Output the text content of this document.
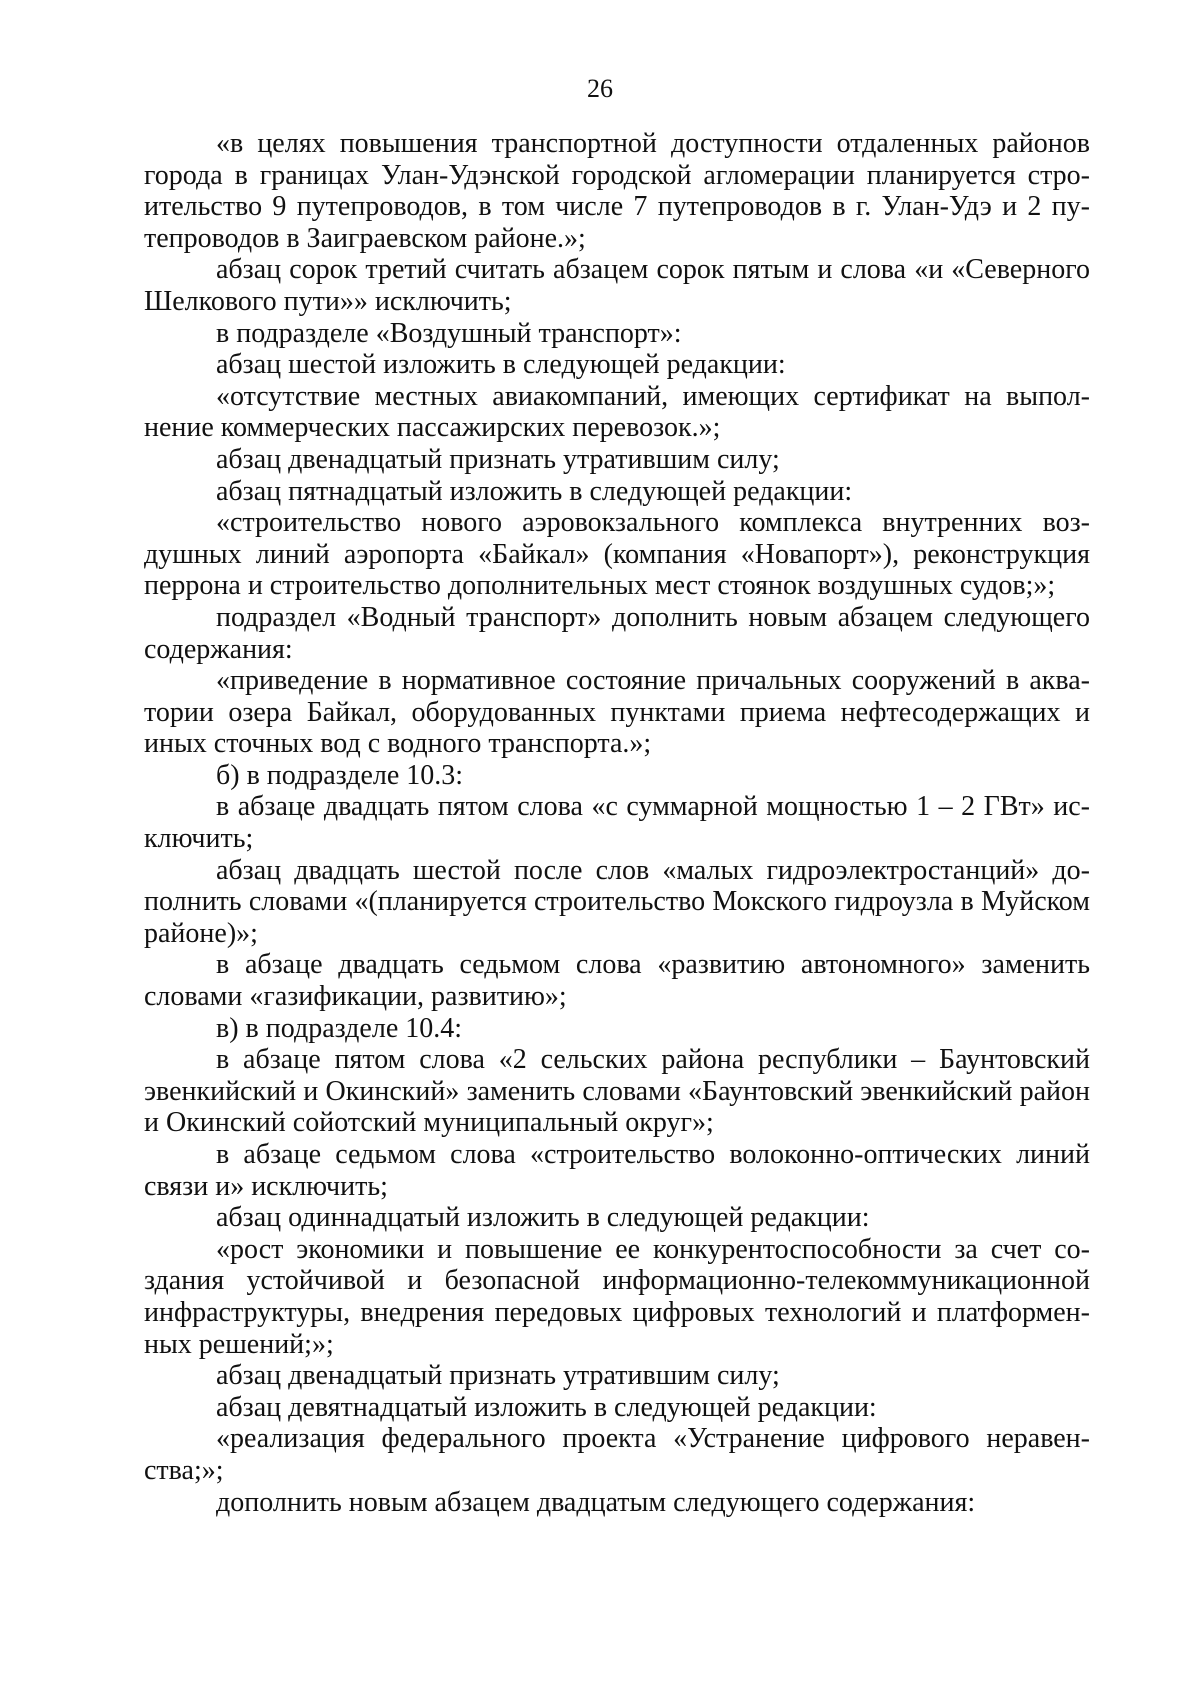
26

«в целях повышения транспортной доступности отдаленных районов города в границах Улан-Удэнской городской агломерации планируется строительство 9 путепроводов, в том числе 7 путепроводов в г. Улан-Удэ и 2 путепроводов в Заиграевском районе.»;

абзац сорок третий считать абзацем сорок пятым и слова «и «Северного Шелкового пути»» исключить;

в подразделе «Воздушный транспорт»:

абзац шестой изложить в следующей редакции:

«отсутствие местных авиакомпаний, имеющих сертификат на выполнение коммерческих пассажирских перевозок.»;

абзац двенадцатый признать утратившим силу;

абзац пятнадцатый изложить в следующей редакции:

«строительство нового аэровокзального комплекса внутренних воздушных линий аэропорта «Байкал» (компания «Новапорт»), реконструкция перрона и строительство дополнительных мест стоянок воздушных судов;»;

подраздел «Водный транспорт» дополнить новым абзацем следующего содержания:

«приведение в нормативное состояние причальных сооружений в акватории озера Байкал, оборудованных пунктами приема нефтесодержащих и иных сточных вод с водного транспорта.»;

б) в подразделе 10.3:

в абзаце двадцать пятом слова «с суммарной мощностью 1 – 2 ГВт» исключить;

абзац двадцать шестой после слов «малых гидроэлектростанций» дополнить словами «(планируется строительство Мокского гидроузла в Муйском районе)»;

в абзаце двадцать седьмом слова «развитию автономного» заменить словами «газификации, развитию»;

в) в подразделе 10.4:

в абзаце пятом слова «2 сельских района республики – Баунтовский эвенкийский и Окинский» заменить словами «Баунтовский эвенкийский район и Окинский сойотский муниципальный округ»;

в абзаце седьмом слова «строительство волоконно-оптических линий связи и» исключить;

абзац одиннадцатый изложить в следующей редакции:

«рост экономики и повышение ее конкурентоспособности за счет создания устойчивой и безопасной информационно-телекоммуникационной инфраструктуры, внедрения передовых цифровых технологий и платформенных решений;»;

абзац двенадцатый признать утратившим силу;

абзац девятнадцатый изложить в следующей редакции:

«реализация федерального проекта «Устранение цифрового неравенства;»;

дополнить новым абзацем двадцатым следующего содержания:
